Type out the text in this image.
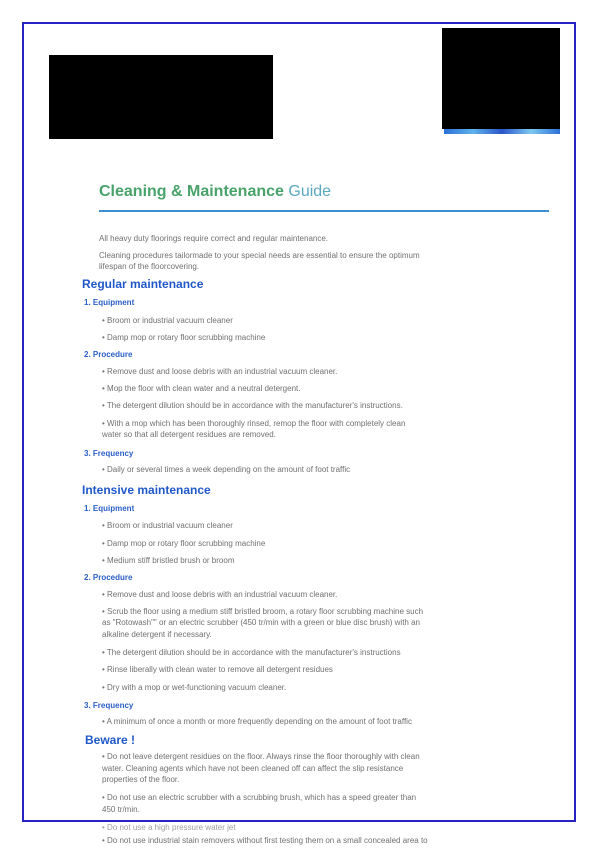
Cleaning & Maintenance Guide
All heavy duty floorings require correct and regular maintenance.
Cleaning procedures tailormade to your special needs are essential to ensure the optimum
lifespan of the floorcovering.
Regular maintenance
1. Equipment
• Broom or industrial vacuum cleaner
• Damp mop or rotary floor scrubbing machine
2. Procedure
• Remove dust and loose debris with an industrial vacuum cleaner.
• Mop the floor with clean water and a neutral detergent.
• The detergent dilution should be in accordance with the manufacturer's instructions.
• With a mop which has been thoroughly rinsed, remop the floor with completely clean
water so that all detergent residues are removed.
3. Frequency
• Daily or several times a week depending on the amount of foot traffic
Intensive maintenance
1. Equipment
• Broom or industrial vacuum cleaner
• Damp mop or rotary floor scrubbing machine
• Medium stiff bristled brush or broom
2. Procedure
• Remove dust and loose debris with an industrial vacuum cleaner.
• Scrub the floor using a medium stiff bristled broom, a rotary floor scrubbing machine such
as "Rotowash"" or an electric scrubber (450 tr/min with a green or blue disc brush) with an
alkaline detergent if necessary.
• The detergent dilution should be in accordance with the manufacturer's instructions
• Rinse liberally with clean water to remove all detergent residues
• Dry with a mop or wet-functioning vacuum cleaner.
3. Frequency
• A minimum of once a month or more frequently depending on the amount of foot traffic
Beware !
• Do not leave detergent residues on the floor. Always rinse the floor thoroughly with clean
water. Cleaning agents which have not been cleaned off can affect the slip resistance
properties of the floor.
• Do not use an electric scrubber with a scrubbing brush, which has a speed greater than
450 tr/min.
• Do not use a high pressure water jet
• Do not use industrial stain removers without first testing them on a small concealed area to
